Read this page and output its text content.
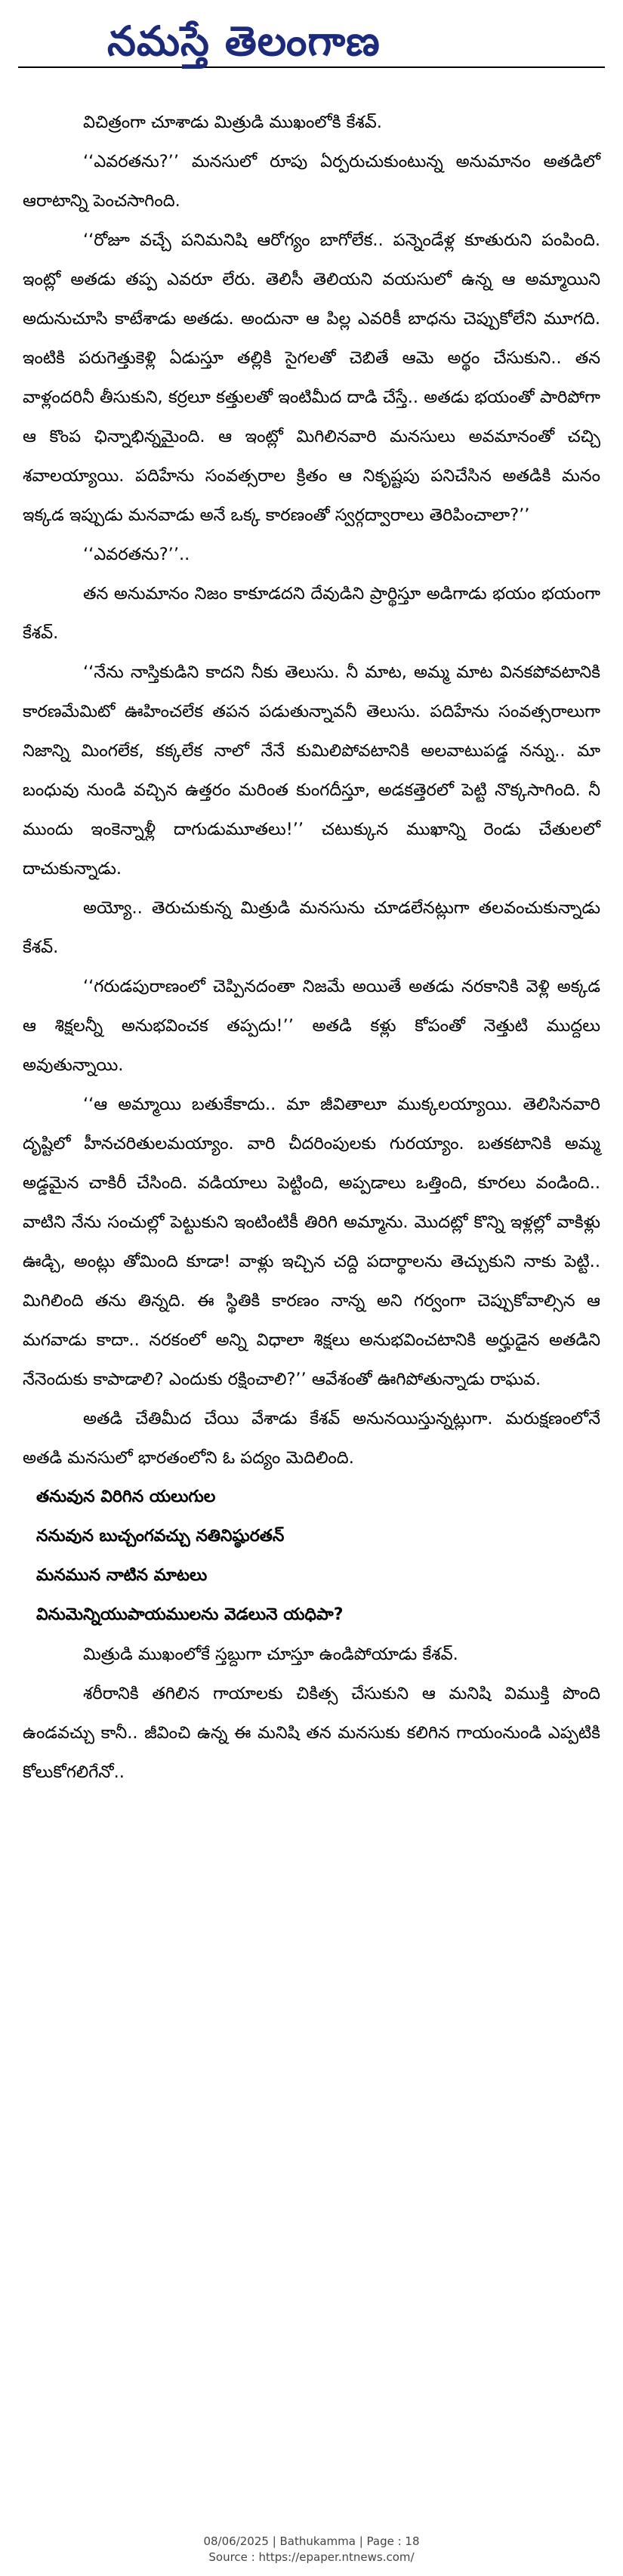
నమస్తే తెలంగాణ

విచిత్రంగా చూశాడు మిత్రుడి ముఖంలోకి కేశవ్.

‘‘ఎవరతను?’’ మనసులో రూపు ఏర్పరుచుకుంటున్న అనుమానం అతడిలో ఆరాటాన్ని పెంచసాగింది.

‘‘రోజూ వచ్చే పనిమనిషి ఆరోగ్యం బాగోలేక.. పన్నెండేళ్ల కూతురుని పంపింది. ఇంట్లో అతడు తప్ప ఎవరూ లేరు. తెలిసీ తెలియని వయసులో ఉన్న ఆ అమ్మాయిని అదునుచూసి కాటేశాడు అతడు. అందునా ఆ పిల్ల ఎవరికీ బాధను చెప్పుకోలేని మూగది. ఇంటికి పరుగెత్తుకెళ్లి ఏడుస్తూ తల్లికి సైగలతో చెబితే ఆమె అర్థం చేసుకుని.. తన వాళ్లందరినీ తీసుకుని, కర్రలూ కత్తులతో ఇంటిమీద దాడి చేస్తే.. అతడు భయంతో పారిపోగా ఆ కొంప ఛిన్నాభిన్నమైంది. ఆ ఇంట్లో మిగిలినవారి మనసులు అవమానంతో చచ్చి శవాలయ్యాయి. పదిహేను సంవత్సరాల క్రితం ఆ నికృష్టపు పనిచేసిన అతడికి మనం ఇక్కడ ఇప్పుడు మనవాడు అనే ఒక్క కారణంతో స్వర్గద్వారాలు తెరిపించాలా?’’

‘‘ఎవరతను?’’..

తన అనుమానం నిజం కాకూడదని దేవుడిని ప్రార్థిస్తూ అడిగాడు భయం భయంగా కేశవ్.

‘‘నేను నాస్తికుడిని కాదని నీకు తెలుసు. నీ మాట, అమ్మ మాట వినకపోవటానికి కారణమేమిటో ఊహించలేక తపన పడుతున్నావనీ తెలుసు. పదిహేను సంవత్సరాలుగా నిజాన్ని మింగలేక, కక్కలేక నాలో నేనే కుమిలిపోవటానికి అలవాటుపడ్డ నన్ను.. మా బంధువు నుండి వచ్చిన ఉత్తరం మరింత కుంగదీస్తూ, అడకత్తెరలో పెట్టి నొక్కసాగింది. నీ ముందు ఇంకెన్నాళ్లీ దాగుడుమూతలు!’’ చటుక్కున ముఖాన్ని రెండు చేతులలో దాచుకున్నాడు.

అయ్యో.. తెరుచుకున్న మిత్రుడి మనసును చూడలేనట్లుగా తలవంచుకున్నాడు కేశవ్.

‘‘గరుడపురాణంలో చెప్పినదంతా నిజమే అయితే అతడు నరకానికి వెళ్లి అక్కడ ఆ శిక్షలన్నీ అనుభవించక తప్పదు!’’ అతడి కళ్లు కోపంతో నెత్తుటి ముద్దలు అవుతున్నాయి.

‘‘ఆ అమ్మాయి బతుకేకాదు.. మా జీవితాలూ ముక్కలయ్యాయి. తెలిసినవారి దృష్టిలో హీనచరితులమయ్యాం. వారి చీదరింపులకు గురయ్యాం. బతకటానికి అమ్మ అడ్డమైన చాకిరీ చేసింది. వడియాలు పెట్టింది, అప్పడాలు ఒత్తింది, కూరలు వండింది.. వాటిని నేను సంచుల్లో పెట్టుకుని ఇంటింటికీ తిరిగి అమ్మాను. మొదట్లో కొన్ని ఇళ్లల్లో వాకిళ్లు ఊడ్చి, అంట్లు తోమింది కూడా! వాళ్లు ఇచ్చిన చద్ది పదార్థాలను తెచ్చుకుని నాకు పెట్టి.. మిగిలింది తను తిన్నది. ఈ స్థితికి కారణం నాన్న అని గర్వంగా చెప్పుకోవాల్సిన ఆ మగవాడు కాదా.. నరకంలో అన్ని విధాలా శిక్షలు అనుభవించటానికి అర్హుడైన అతడిని నేనెందుకు కాపాడాలి? ఎందుకు రక్షించాలి?’’ ఆవేశంతో ఊగిపోతున్నాడు రాఘవ.

అతడి చేతిమీద చేయి వేశాడు కేశవ్ అనునయిస్తున్నట్లుగా. మరుక్షణంలోనే అతడి మనసులో భారతంలోని ఓ పద్యం మెదిలింది.

తనువున విరిగిన యలుగుల

ననువున బుచ్చంగవచ్చు నతినిష్ఠురతన్

మనమున నాటిన మాటలు

వినుమెన్నియుపాయములను వెడలునె యధిపా?

మిత్రుడి ముఖంలోకే స్తబ్దుగా చూస్తూ ఉండిపోయాడు కేశవ్.

శరీరానికి తగిలిన గాయాలకు చికిత్స చేసుకుని ఆ మనిషి విముక్తి పొంది ఉండవచ్చు కానీ.. జీవించి ఉన్న ఈ మనిషి తన మనసుకు కలిగిన గాయంనుండి ఎప్పటికి కోలుకోగలిగేనో..

08/06/2025 | Bathukamma | Page : 18
Source : https://epaper.ntnews.com/
